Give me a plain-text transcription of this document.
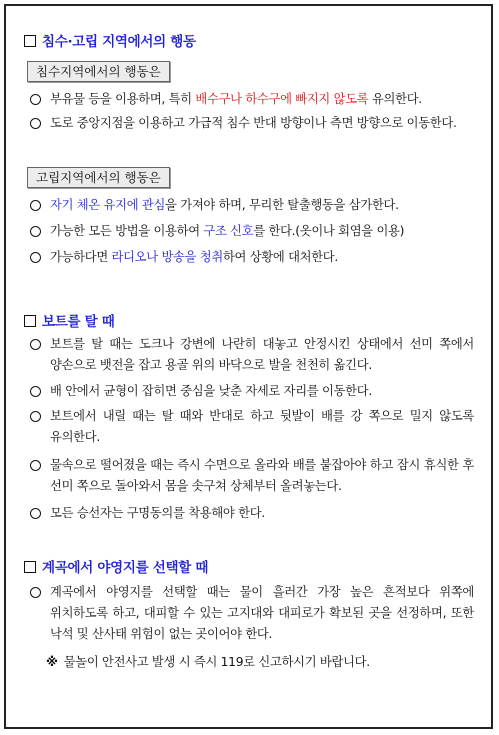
침수·고립 지역에서의 행동
침수지역에서의 행동은
부유물 등을 이용하며, 특히 배수구나 하수구에 빠지지 않도록 유의한다.
도로 중앙지점을 이용하고 가급적 침수 반대 방향이나 측면 방향으로 이동한다.
고립지역에서의 행동은
자기 체온 유지에 관심을 가져야 하며, 무리한 탈출행동을 삼가한다.
가능한 모든 방법을 이용하여 구조 신호를 한다.(옷이나 회염을 이용)
가능하다면 라디오나 방송을 청취하여 상황에 대처한다.
보트를 탈 때
보트를 탈 때는 도크나 강변에 나란히 대놓고 안정시킨 상태에서 선미 쪽에서 양손으로 뱃전을 잡고 용골 위의 바닥으로 발을 천천히 옮긴다.
배 안에서 균형이 잡히면 중심을 낮춘 자세로 자리를 이동한다.
보트에서 내릴 때는 탈 때와 반대로 하고 뒷발이 배를 강 쪽으로 밀지 않도록 유의한다.
물속으로 떨어졌을 때는 즉시 수면으로 올라와 배를 붙잡아야 하고 잠시 휴식한 후 선미 쪽으로 돌아와서 몸을 솟구쳐 상체부터 올려놓는다.
모든 승선자는 구명동의를 착용해야 한다.
계곡에서 야영지를 선택할 때
계곡에서 야영지를 선택할 때는 물이 흘러간 가장 높은 흔적보다 위쪽에 위치하도록 하고, 대피할 수 있는 고지대와 대피로가 확보된 곳을 선정하며, 또한 낙석 및 산사태 위험이 없는 곳이어야 한다.
※ 물놀이 안전사고 발생 시 즉시 119로 신고하시기 바랍니다.
